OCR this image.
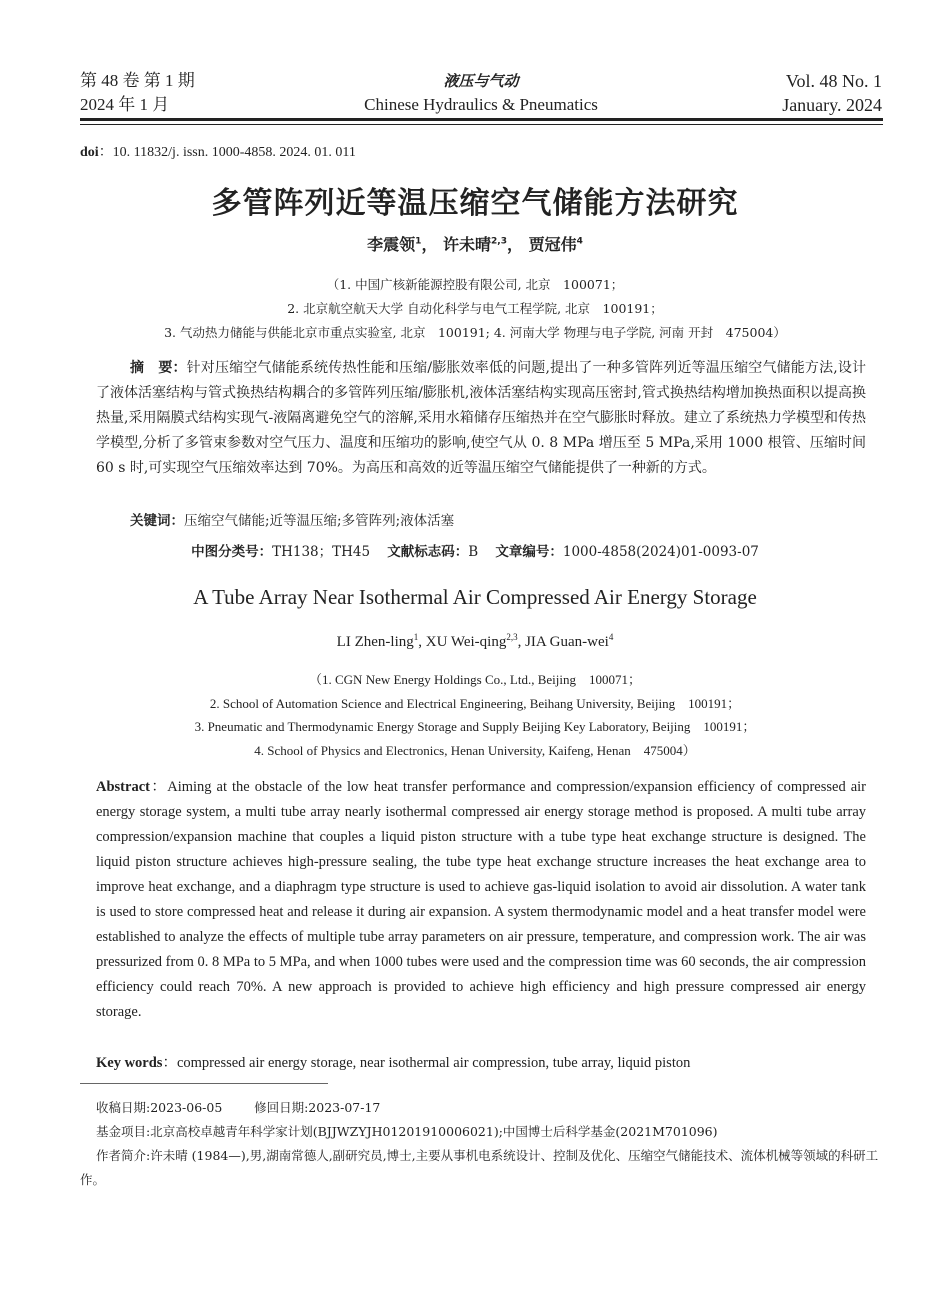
第 48 卷 第 1 期
2024 年 1 月
液压与气动
Chinese Hydraulics & Pneumatics
Vol. 48 No. 1
January. 2024
doi：10. 11832/j. issn. 1000-4858. 2024. 01. 011
多管阵列近等温压缩空气储能方法研究
李震领$^1$， 许未晴$^{2,3}$， 贾冠伟$^4$
（1. 中国广核新能源控股有限公司, 北京　100071；
2. 北京航空航天大学 自动化科学与电气工程学院, 北京　100191；
3. 气动热力储能与供能北京市重点实验室, 北京　100191; 4. 河南大学 物理与电子学院, 河南 开封　475004）
摘　要：针对压缩空气储能系统传热性能和压缩/膨胀效率低的问题,提出了一种多管阵列近等温压缩空气储能方法,设计了液体活塞结构与管式换热结构耦合的多管阵列压缩/膨胀机,液体活塞结构实现高压密封,管式换热结构增加换热面积以提高换热量,采用隔膜式结构实现气-液隔离避免空气的溶解,采用水箱储存压缩热并在空气膨胀时释放。建立了系统热力学模型和传热学模型,分析了多管束参数对空气压力、温度和压缩功的影响,使空气从 0. 8 MPa 增压至 5 MPa,采用 1000 根管、压缩时间 60 s 时,可实现空气压缩效率达到 70%。为高压和高效的近等温压缩空气储能提供了一种新的方式。
关键词：压缩空气储能;近等温压缩;多管阵列;液体活塞
中图分类号：TH138；TH45 文献标志码：B 文章编号：1000-4858(2024)01-0093-07
A Tube Array Near Isothermal Air Compressed Air Energy Storage
LI Zhen-ling$^1$, XU Wei-qing$^{2,3}$, JIA Guan-wei$^4$
（1. CGN New Energy Holdings Co., Ltd., Beijing　100071；
2. School of Automation Science and Electrical Engineering, Beihang University, Beijing　100191；
3. Pneumatic and Thermodynamic Energy Storage and Supply Beijing Key Laboratory, Beijing　100191；
4. School of Physics and Electronics, Henan University, Kaifeng, Henan　475004）
Abstract：Aiming at the obstacle of the low heat transfer performance and compression/expansion efficiency of compressed air energy storage system, a multi tube array nearly isothermal compressed air energy storage method is proposed. A multi tube array compression/expansion machine that couples a liquid piston structure with a tube type heat exchange structure is designed. The liquid piston structure achieves high-pressure sealing, the tube type heat exchange structure increases the heat exchange area to improve heat exchange, and a diaphragm type structure is used to achieve gas-liquid isolation to avoid air dissolution. A water tank is used to store compressed heat and release it during air expansion. A system thermodynamic model and a heat transfer model were established to analyze the effects of multiple tube array parameters on air pressure, temperature, and compression work. The air was pressurized from 0. 8 MPa to 5 MPa, and when 1000 tubes were used and the compression time was 60 seconds, the air compression efficiency could reach 70%. A new approach is provided to achieve high efficiency and high pressure compressed air energy storage.
Key words：compressed air energy storage, near isothermal air compression, tube array, liquid piston
收稿日期:2023-06-05	修回日期:2023-07-17
基金项目:北京高校卓越青年科学家计划(BJJWZYJH01201910006021);中国博士后科学基金(2021M701096)
作者简介:许未晴 (1984—),男,湖南常德人,副研究员,博士,主要从事机电系统设计、控制及优化、压缩空气储能技术、流体机械等领域的科研工作。
